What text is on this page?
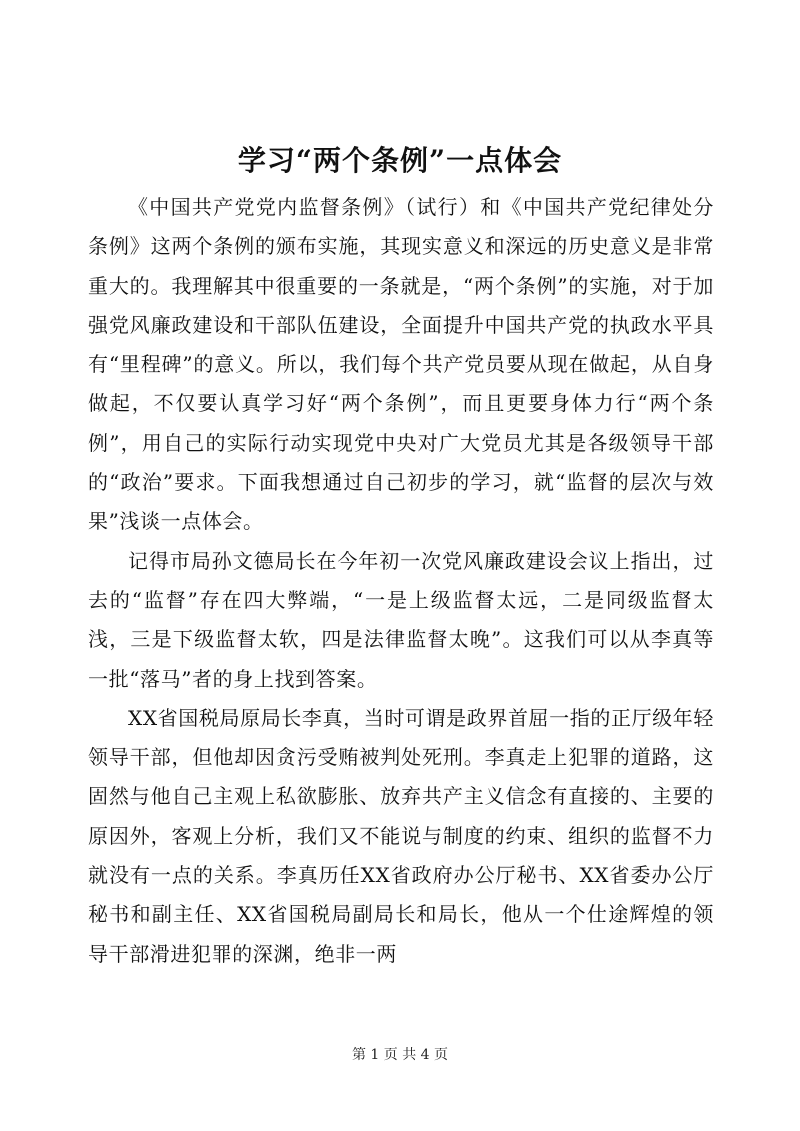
学习“两个条例”一点体会

《中国共产党党内监督条例》（试行）和《中国共产党纪律处分条例》这两个条例的颁布实施，其现实意义和深远的历史意义是非常重大的。我理解其中很重要的一条就是，“两个条例”的实施，对于加强党风廉政建设和干部队伍建设，全面提升中国共产党的执政水平具有“里程碑”的意义。所以，我们每个共产党员要从现在做起，从自身做起，不仅要认真学习好“两个条例”，而且更要身体力行“两个条例”，用自己的实际行动实现党中央对广大党员尤其是各级领导干部的“政治”要求。下面我想通过自己初步的学习，就“监督的层次与效果”浅谈一点体会。

记得市局孙文德局长在今年初一次党风廉政建设会议上指出，过去的“监督”存在四大弊端，“一是上级监督太远，二是同级监督太浅，三是下级监督太软，四是法律监督太晚”。这我们可以从李真等一批“落马”者的身上找到答案。

XX省国税局原局长李真，当时可谓是政界首屈一指的正厅级年轻领导干部，但他却因贪污受贿被判处死刑。李真走上犯罪的道路，这固然与他自己主观上私欲膨胀、放弃共产主义信念有直接的、主要的原因外，客观上分析，我们又不能说与制度的约束、组织的监督不力就没有一点的关系。李真历任XX省政府办公厅秘书、XX省委办公厅秘书和副主任、XX省国税局副局长和局长，他从一个仕途辉煌的领导干部滑进犯罪的深渊，绝非一两

第 1 页 共 4 页
